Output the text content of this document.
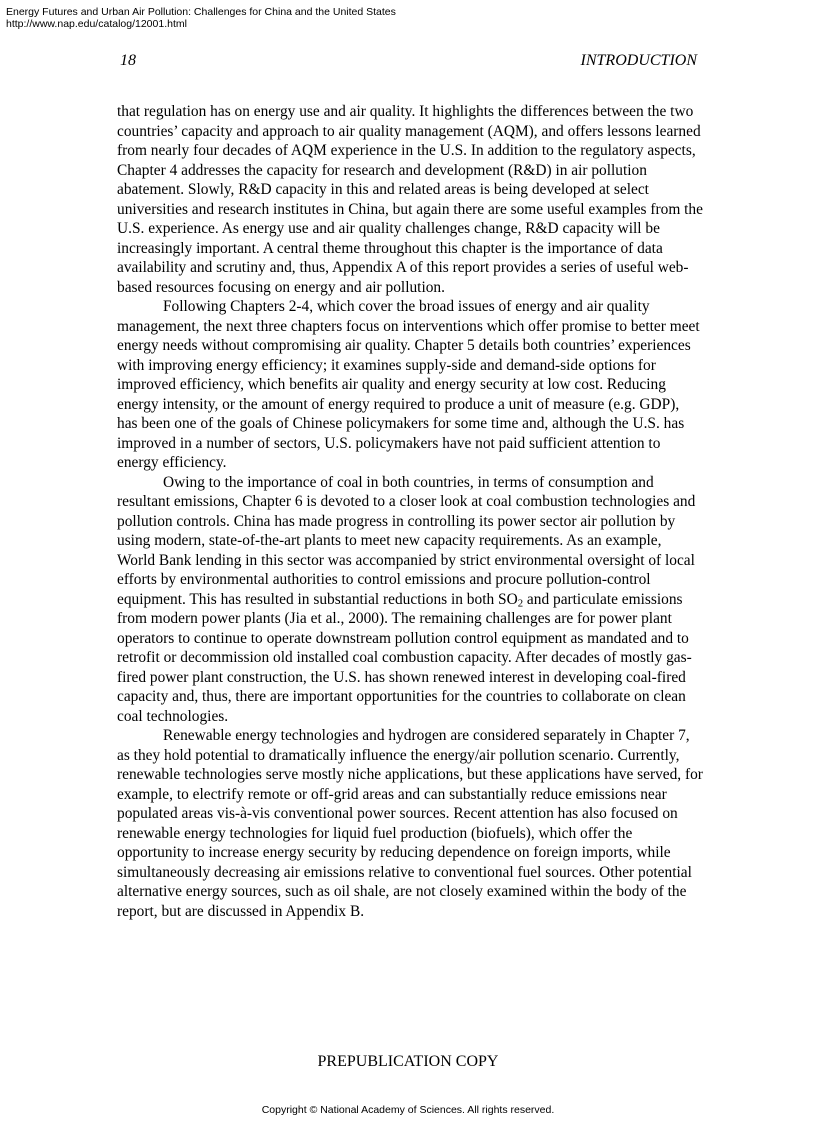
Energy Futures and Urban Air Pollution: Challenges for China and the United States
http://www.nap.edu/catalog/12001.html
18	INTRODUCTION

that regulation has on energy use and air quality. It highlights the differences between the two countries’ capacity and approach to air quality management (AQM), and offers lessons learned from nearly four decades of AQM experience in the U.S. In addition to the regulatory aspects, Chapter 4 addresses the capacity for research and development (R&D) in air pollution abatement. Slowly, R&D capacity in this and related areas is being developed at select universities and research institutes in China, but again there are some useful examples from the U.S. experience. As energy use and air quality challenges change, R&D capacity will be increasingly important. A central theme throughout this chapter is the importance of data availability and scrutiny and, thus, Appendix A of this report provides a series of useful web-based resources focusing on energy and air pollution.

Following Chapters 2-4, which cover the broad issues of energy and air quality management, the next three chapters focus on interventions which offer promise to better meet energy needs without compromising air quality. Chapter 5 details both countries’ experiences with improving energy efficiency; it examines supply-side and demand-side options for improved efficiency, which benefits air quality and energy security at low cost. Reducing energy intensity, or the amount of energy required to produce a unit of measure (e.g. GDP), has been one of the goals of Chinese policymakers for some time and, although the U.S. has improved in a number of sectors, U.S. policymakers have not paid sufficient attention to energy efficiency.

Owing to the importance of coal in both countries, in terms of consumption and resultant emissions, Chapter 6 is devoted to a closer look at coal combustion technologies and pollution controls. China has made progress in controlling its power sector air pollution by using modern, state-of-the-art plants to meet new capacity requirements. As an example, World Bank lending in this sector was accompanied by strict environmental oversight of local efforts by environmental authorities to control emissions and procure pollution-control equipment. This has resulted in substantial reductions in both $SO_2$ and particulate emissions from modern power plants (Jia et al., 2000). The remaining challenges are for power plant operators to continue to operate downstream pollution control equipment as mandated and to retrofit or decommission old installed coal combustion capacity. After decades of mostly gas-fired power plant construction, the U.S. has shown renewed interest in developing coal-fired capacity and, thus, there are important opportunities for the countries to collaborate on clean coal technologies.

Renewable energy technologies and hydrogen are considered separately in Chapter 7, as they hold potential to dramatically influence the energy/air pollution scenario. Currently, renewable technologies serve mostly niche applications, but these applications have served, for example, to electrify remote or off-grid areas and can substantially reduce emissions near populated areas vis-à-vis conventional power sources. Recent attention has also focused on renewable energy technologies for liquid fuel production (biofuels), which offer the opportunity to increase energy security by reducing dependence on foreign imports, while simultaneously decreasing air emissions relative to conventional fuel sources. Other potential alternative energy sources, such as oil shale, are not closely examined within the body of the report, but are discussed in Appendix B.

PREPUBLICATION COPY
Copyright © National Academy of Sciences. All rights reserved.
